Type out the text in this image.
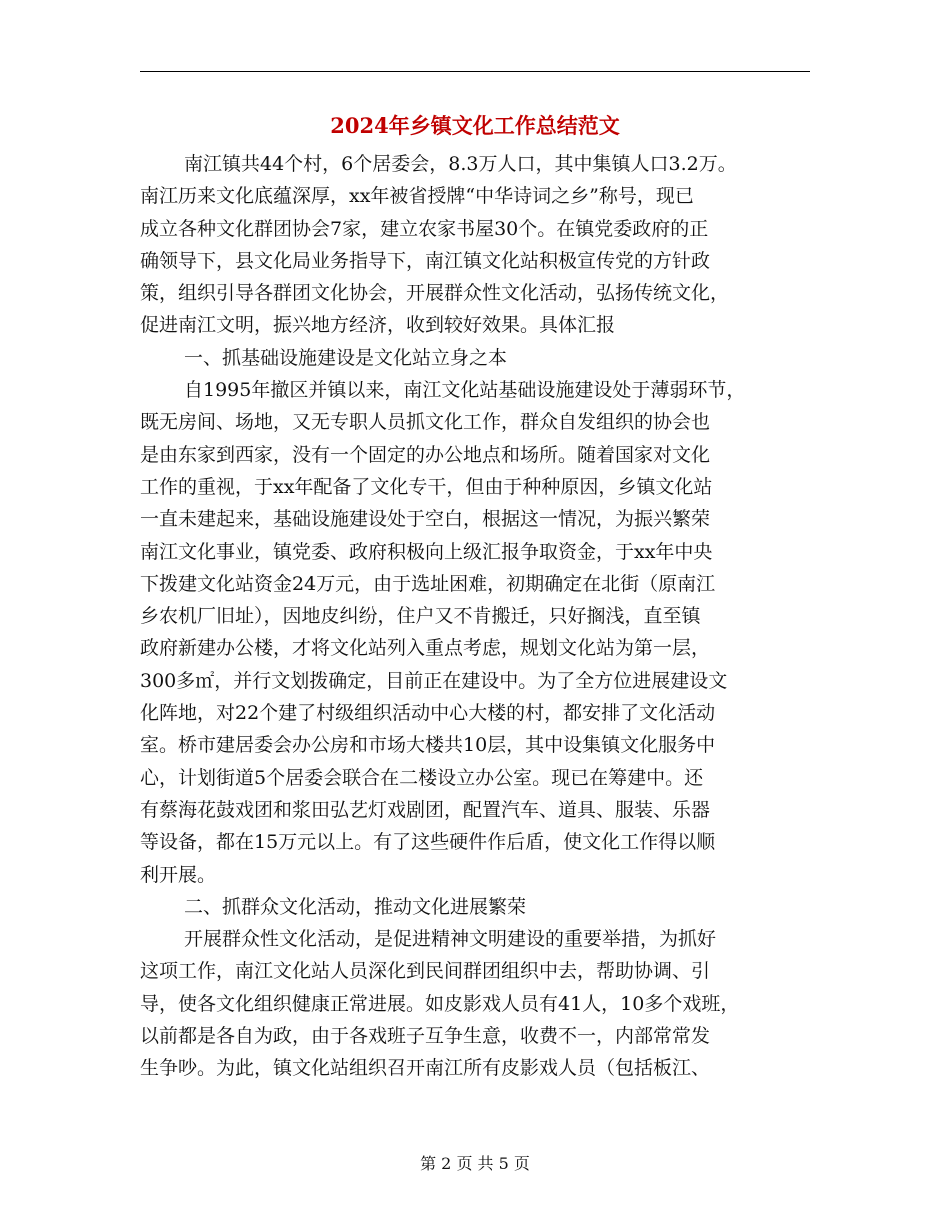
2024年乡镇文化工作总结范文
南江镇共44个村，6个居委会，8.3万人口，其中集镇人口3.2万。
南江历来文化底蕴深厚，xx年被省授牌“中华诗词之乡”称号，现已
成立各种文化群团协会7家，建立农家书屋30个。在镇党委政府的正
确领导下，县文化局业务指导下，南江镇文化站积极宣传党的方针政
策，组织引导各群团文化协会，开展群众性文化活动，弘扬传统文化，
促进南江文明，振兴地方经济，收到较好效果。具体汇报
一、抓基础设施建设是文化站立身之本
自1995年撤区并镇以来，南江文化站基础设施建设处于薄弱环节，
既无房间、场地，又无专职人员抓文化工作，群众自发组织的协会也
是由东家到西家，没有一个固定的办公地点和场所。随着国家对文化
工作的重视，于xx年配备了文化专干，但由于种种原因，乡镇文化站
一直未建起来，基础设施建设处于空白，根据这一情况，为振兴繁荣
南江文化事业，镇党委、政府积极向上级汇报争取资金，于xx年中央
下拨建文化站资金24万元，由于选址困难，初期确定在北街（原南江
乡农机厂旧址），因地皮纠纷，住户又不肯搬迁，只好搁浅，直至镇
政府新建办公楼，才将文化站列入重点考虑，规划文化站为第一层，
300多㎡，并行文划拨确定，目前正在建设中。为了全方位进展建设文
化阵地，对22个建了村级组织活动中心大楼的村，都安排了文化活动
室。桥市建居委会办公房和市场大楼共10层，其中设集镇文化服务中
心，计划街道5个居委会联合在二楼设立办公室。现已在筹建中。还
有蔡海花鼓戏团和浆田弘艺灯戏剧团，配置汽车、道具、服装、乐器
等设备，都在15万元以上。有了这些硬件作后盾，使文化工作得以顺
利开展。
二、抓群众文化活动，推动文化进展繁荣
开展群众性文化活动，是促进精神文明建设的重要举措，为抓好
这项工作，南江文化站人员深化到民间群团组织中去，帮助协调、引
导，使各文化组织健康正常进展。如皮影戏人员有41人，10多个戏班，
以前都是各自为政，由于各戏班子互争生意，收费不一，内部常常发
生争吵。为此，镇文化站组织召开南江所有皮影戏人员（包括板江、
第 2 页 共 5 页
